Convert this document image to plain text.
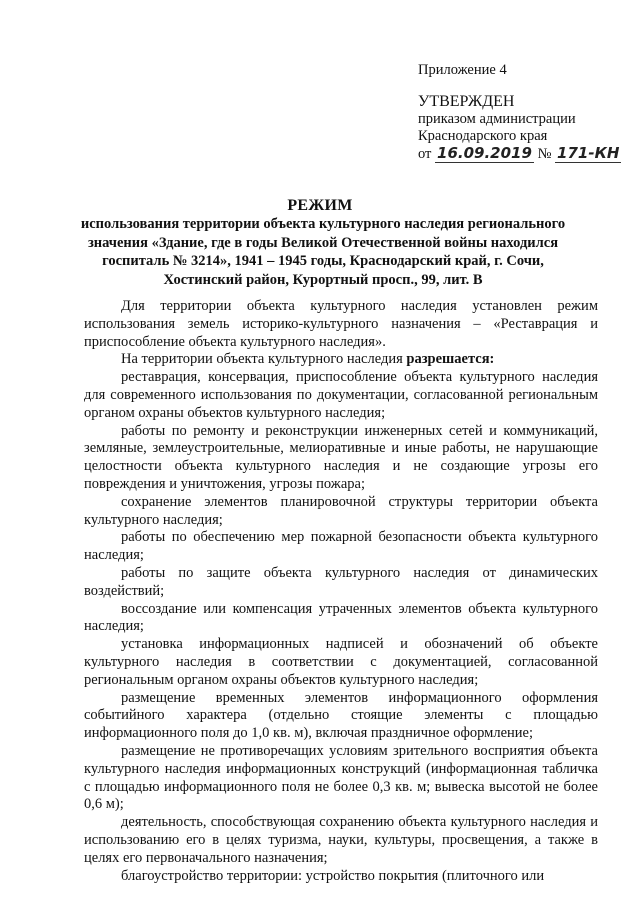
Приложение 4
УТВЕРЖДЕН
приказом администрации
Краснодарского края
от 16.09.2019 № 171-КН
РЕЖИМ
использования территории объекта культурного наследия регионального значения «Здание, где в годы Великой Отечественной войны находился госпиталь № 3214», 1941 – 1945 годы, Краснодарский край, г. Сочи, Хостинский район, Курортный просп., 99, лит. В

Для территории объекта культурного наследия установлен режим использования земель историко-культурного назначения – «Реставрация и приспособление объекта культурного наследия».

На территории объекта культурного наследия разрешается:

реставрация, консервация, приспособление объекта культурного наследия для современного использования по документации, согласованной региональным органом охраны объектов культурного наследия;

работы по ремонту и реконструкции инженерных сетей и коммуникаций, земляные, землеустроительные, мелиоративные и иные работы, не нарушающие целостности объекта культурного наследия и не создающие угрозы его повреждения и уничтожения, угрозы пожара;

сохранение элементов планировочной структуры территории объекта культурного наследия;

работы по обеспечению мер пожарной безопасности объекта культурного наследия;

работы по защите объекта культурного наследия от динамических воздействий;

воссоздание или компенсация утраченных элементов объекта культурного наследия;

установка информационных надписей и обозначений об объекте культурного наследия в соответствии с документацией, согласованной региональным органом охраны объектов культурного наследия;

размещение временных элементов информационного оформления событийного характера (отдельно стоящие элементы с площадью информационного поля до 1,0 кв. м), включая праздничное оформление;

размещение не противоречащих условиям зрительного восприятия объекта культурного наследия информационных конструкций (информационная табличка с площадью информационного поля не более 0,3 кв. м; вывеска высотой не более 0,6 м);

деятельность, способствующая сохранению объекта культурного наследия и использованию его в целях туризма, науки, культуры, просвещения, а также в целях его первоначального назначения;

благоустройство территории: устройство покрытия (плиточного или
